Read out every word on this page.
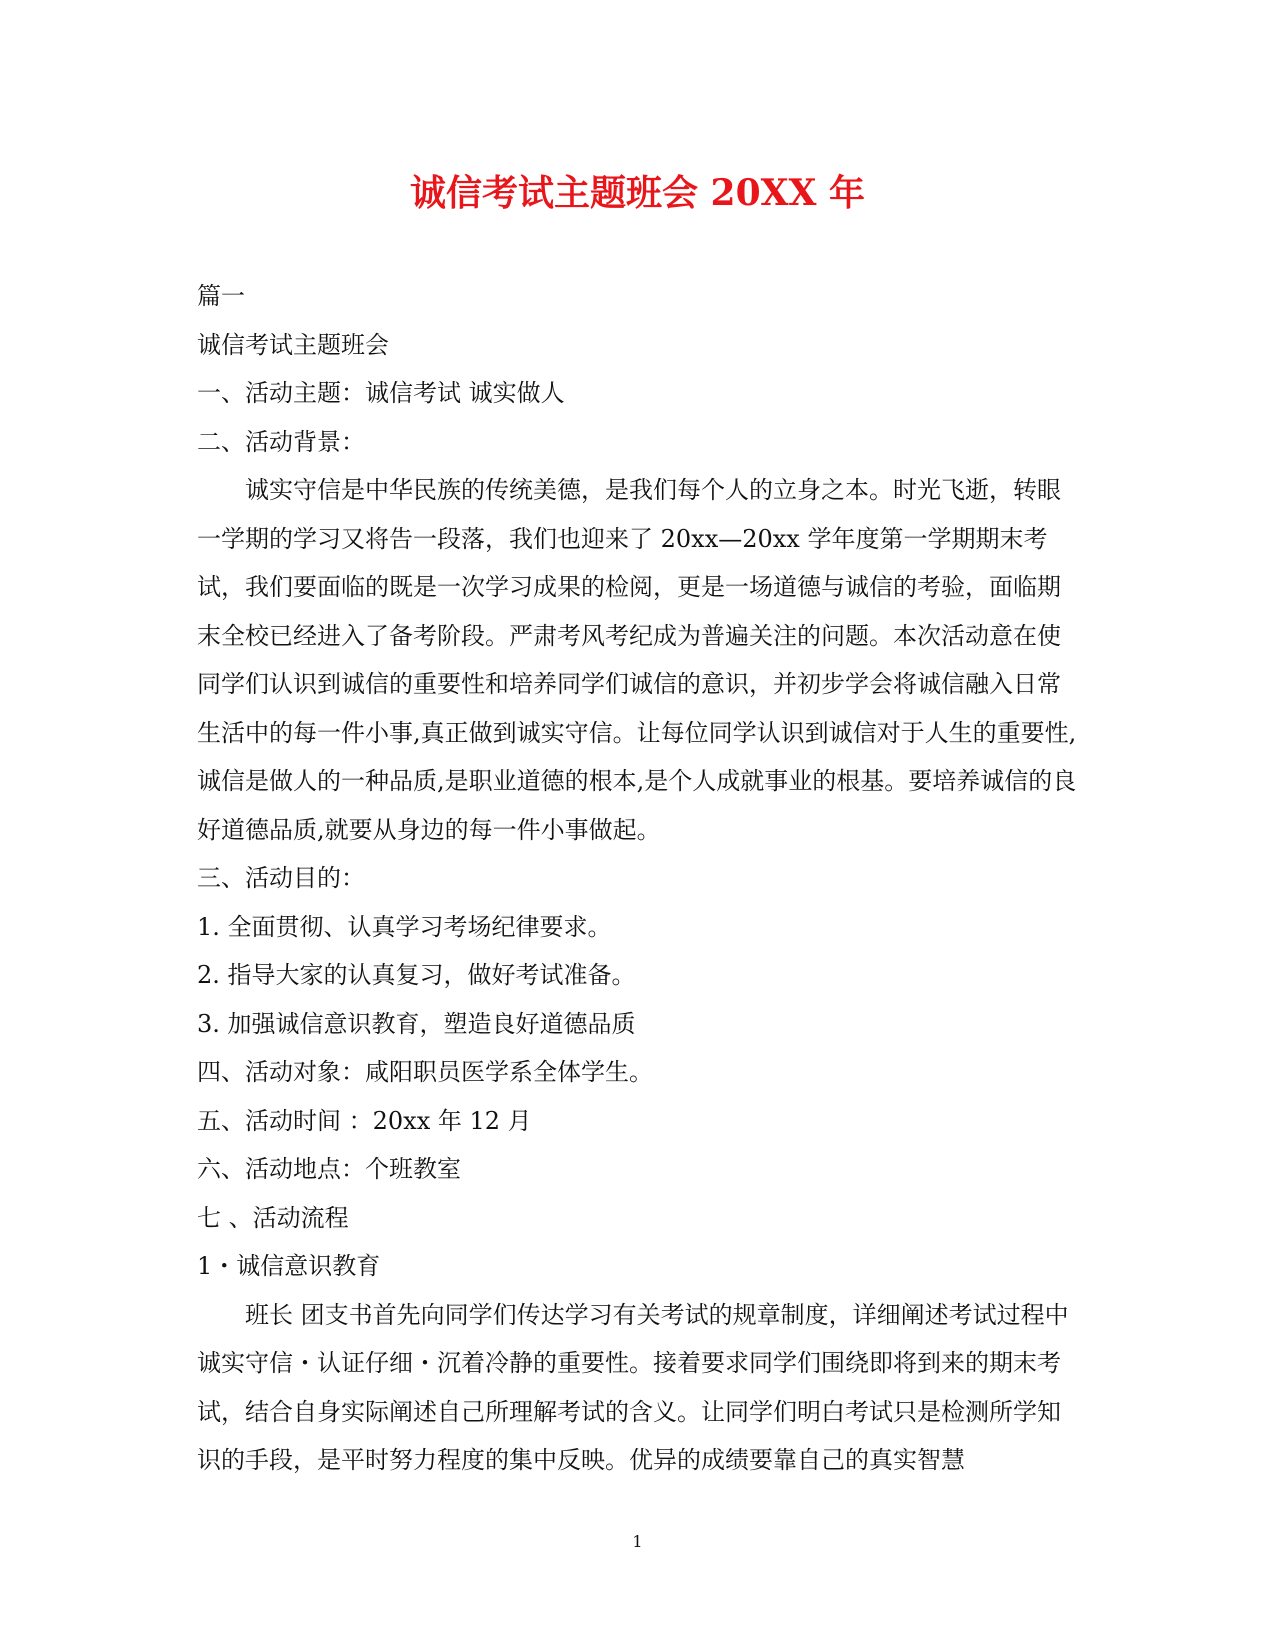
诚信考试主题班会 20XX 年

篇一

诚信考试主题班会

一、活动主题：诚信考试 诚实做人

二、活动背景：

诚实守信是中华民族的传统美德，是我们每个人的立身之本。时光飞逝，转眼一学期的学习又将告一段落，我们也迎来了 20xx—20xx 学年度第一学期期末考试，我们要面临的既是一次学习成果的检阅，更是一场道德与诚信的考验，面临期末全校已经进入了备考阶段。严肃考风考纪成为普遍关注的问题。本次活动意在使同学们认识到诚信的重要性和培养同学们诚信的意识，并初步学会将诚信融入日常生活中的每一件小事,真正做到诚实守信。让每位同学认识到诚信对于人生的重要性,诚信是做人的一种品质,是职业道德的根本,是个人成就事业的根基。要培养诚信的良好道德品质,就要从身边的每一件小事做起。

三、活动目的：

1. 全面贯彻、认真学习考场纪律要求。

2. 指导大家的认真复习，做好考试准备。

3. 加强诚信意识教育，塑造良好道德品质

四、活动对象：咸阳职员医学系全体学生。

五、活动时间 ：20xx 年 12 月

六、活动地点：个班教室

七 、活动流程

1・诚信意识教育

班长 团支书首先向同学们传达学习有关考试的规章制度，详细阐述考试过程中诚实守信・认证仔细・沉着冷静的重要性。接着要求同学们围绕即将到来的期末考试，结合自身实际阐述自己所理解考试的含义。让同学们明白考试只是检测所学知识的手段，是平时努力程度的集中反映。优异的成绩要靠自己的真实智慧

1
